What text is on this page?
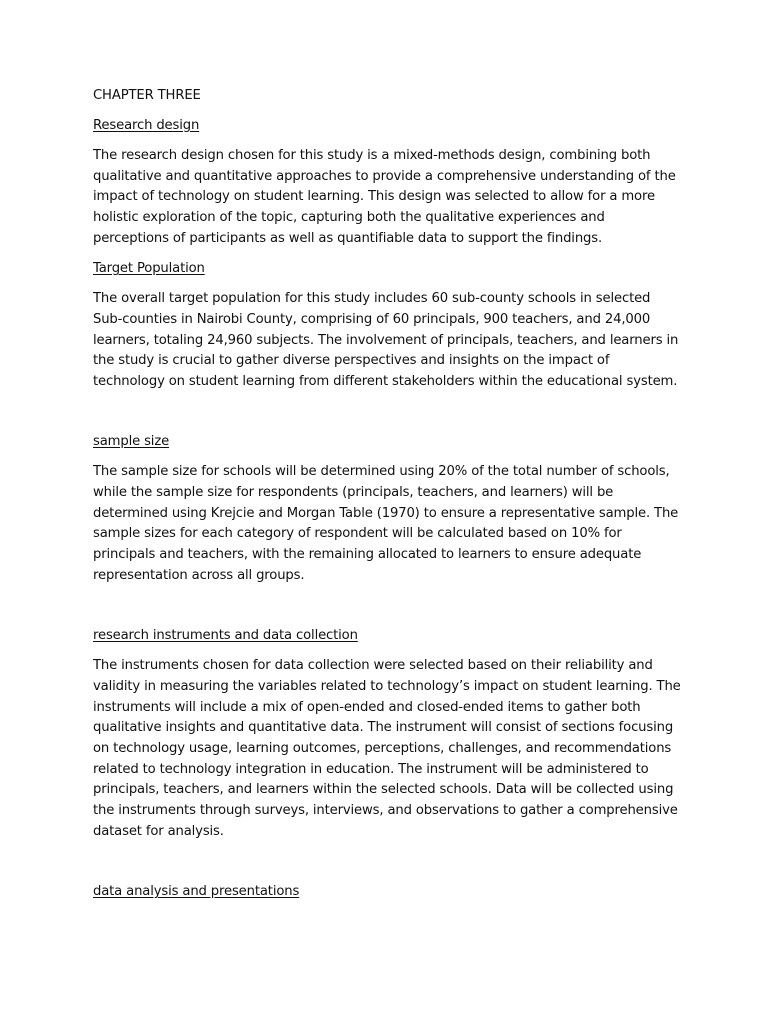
CHAPTER THREE
Research design
The research design chosen for this study is a mixed-methods design, combining both qualitative and quantitative approaches to provide a comprehensive understanding of the impact of technology on student learning. This design was selected to allow for a more holistic exploration of the topic, capturing both the qualitative experiences and perceptions of participants as well as quantifiable data to support the findings.
Target Population
The overall target population for this study includes 60 sub-county schools in selected Sub-counties in Nairobi County, comprising of 60 principals, 900 teachers, and 24,000 learners, totaling 24,960 subjects. The involvement of principals, teachers, and learners in the study is crucial to gather diverse perspectives and insights on the impact of technology on student learning from different stakeholders within the educational system.
sample size
The sample size for schools will be determined using 20% of the total number of schools, while the sample size for respondents (principals, teachers, and learners) will be determined using Krejcie and Morgan Table (1970) to ensure a representative sample. The sample sizes for each category of respondent will be calculated based on 10% for principals and teachers, with the remaining allocated to learners to ensure adequate representation across all groups.
research instruments and data collection
The instruments chosen for data collection were selected based on their reliability and validity in measuring the variables related to technology’s impact on student learning. The instruments will include a mix of open-ended and closed-ended items to gather both qualitative insights and quantitative data. The instrument will consist of sections focusing on technology usage, learning outcomes, perceptions, challenges, and recommendations related to technology integration in education. The instrument will be administered to principals, teachers, and learners within the selected schools. Data will be collected using the instruments through surveys, interviews, and observations to gather a comprehensive dataset for analysis.
data analysis and presentations
